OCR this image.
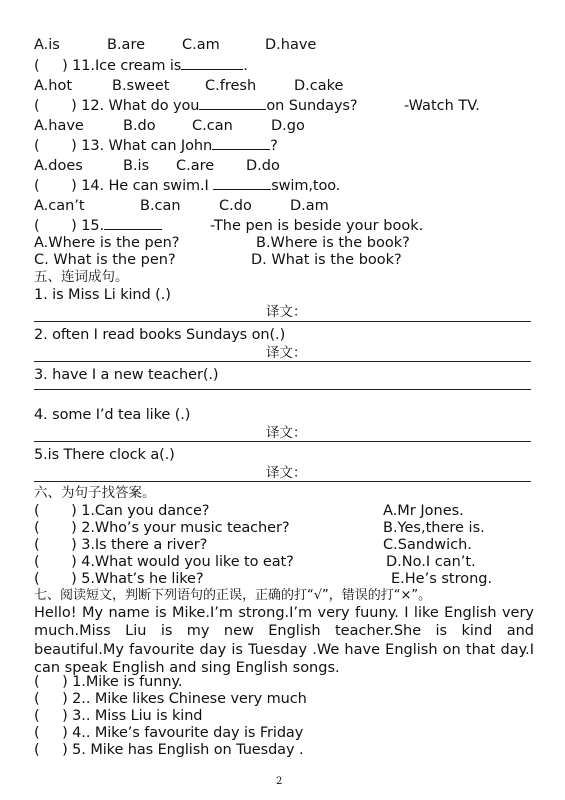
A.is	B.are	C.am	D.have
(     ) 11.Ice cream is	.
A.hot	B.sweet C.fresh	D.cake
(       ) 12. What do you	on Sundays?	-Watch TV.
A.have	B.do	C.can	D.go
(       ) 13. What can John	?
A.does	B.is C.are D.do
(       ) 14. He can swim.I	swim,too.
A.can’t	B.can	C.do	D.am
(       ) 15.	-The pen is beside your book.
A.Where is the pen?	B.Where is the book?
C. What is the pen?	D. What is the book?
五、连词成句。
1. is Miss Li kind (.)
译文：
2. often I read books Sundays on(.)
译文：
3. have I a new teacher(.)
4. some I’d tea like (.)
译文：
5.is There clock a(.)
译文：
六、为句子找答案。
(       ) 1.Can you dance?	A.Mr Jones.
(       ) 2.Who’s your music teacher?	B.Yes,there is.
(       ) 3.Is there a river?	C.Sandwich.
(       ) 4.What would you like to eat?	D.No.I can’t.
(       ) 5.What’s he like?	E.He’s strong.
七、阅读短文，判断下列语句的正误，正确的打“√”，错误的打“×”。
Hello! My name is Mike.I’m strong.I’m very fuuny. I like English very much.Miss Liu is my new English teacher.She is kind and beautiful.My favourite day is Tuesday .We have English on that day.I can speak English and sing English songs.
(     ) 1.Mike is funny.
(     ) 2.. Mike likes Chinese very much
(     ) 3.. Miss Liu is kind
(     ) 4.. Mike’s favourite day is Friday
(     ) 5. Mike has English on Tuesday .
2
